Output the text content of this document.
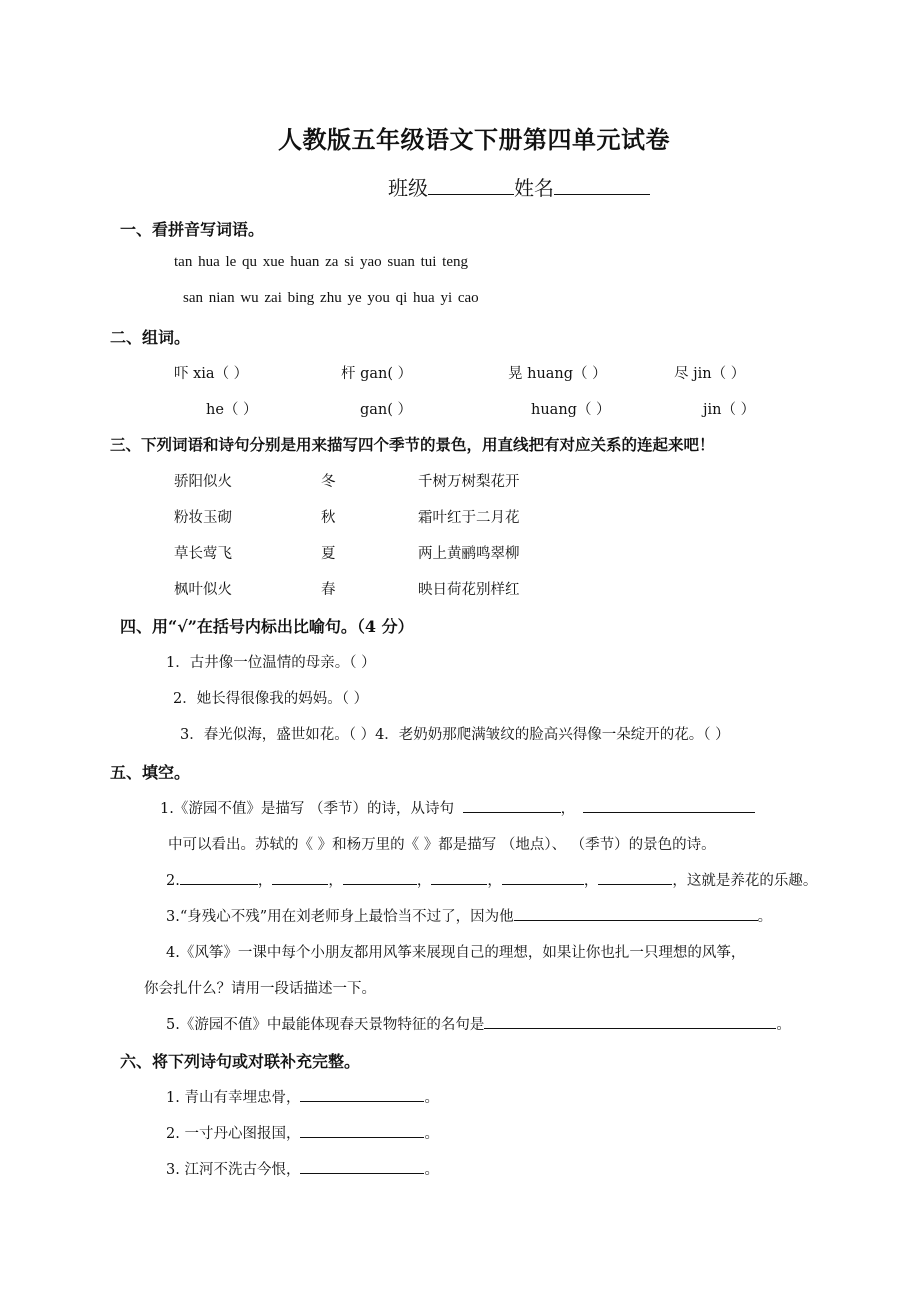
人教版五年级语文下册第四单元试卷
班级	姓名
一、看拼音写词语。
tan hua le qu xue huan za si yao suan tui teng
san nian wu zai bing zhu ye you qi hua yi cao
二、组词。
吓 xia（ ）	杆 gan( ）	晃 huang（ ）	尽 jin（ ）
he（ ）	gan( ）	huang（ ）	jin（ ）
三、下列词语和诗句分别是用来描写四个季节的景色，用直线把有对应关系的连起来吧！
骄阳似火	冬	千树万树梨花开
粉妆玉砌	秋	霜叶红于二月花
草长莺飞	夏	两上黄鹂鸣翠柳
枫叶似火	春	映日荷花别样红
四、用“√”在括号内标出比喻句。（4 分）
1．古井像一位温情的母亲。（ ）
2．她长得很像我的妈妈。（ ）
3．春光似海，盛世如花。（ ）4．老奶奶那爬满皱纹的脸高兴得像一朵绽开的花。（ ）
五、填空。
1.《游园不值》是描写 （季节）的诗，从诗句	，
中可以看出。苏轼的《 》和杨万里的《 》都是描写 （地点）、 （季节）的景色的诗。
2.	，	，	，	，	，	，这就是养花的乐趣。
3.“身残心不残”用在刘老师身上最恰当不过了，因为他	。
4.《风筝》一课中每个小朋友都用风筝来展现自己的理想，如果让你也扎一只理想的风筝，
你会扎什么？请用一段话描述一下。
5.《游园不值》中最能体现春天景物特征的名句是	。
六、将下列诗句或对联补充完整。
1. 青山有幸埋忠骨，	。
2. 一寸丹心图报国，	。
3. 江河不洗古今恨，	。
